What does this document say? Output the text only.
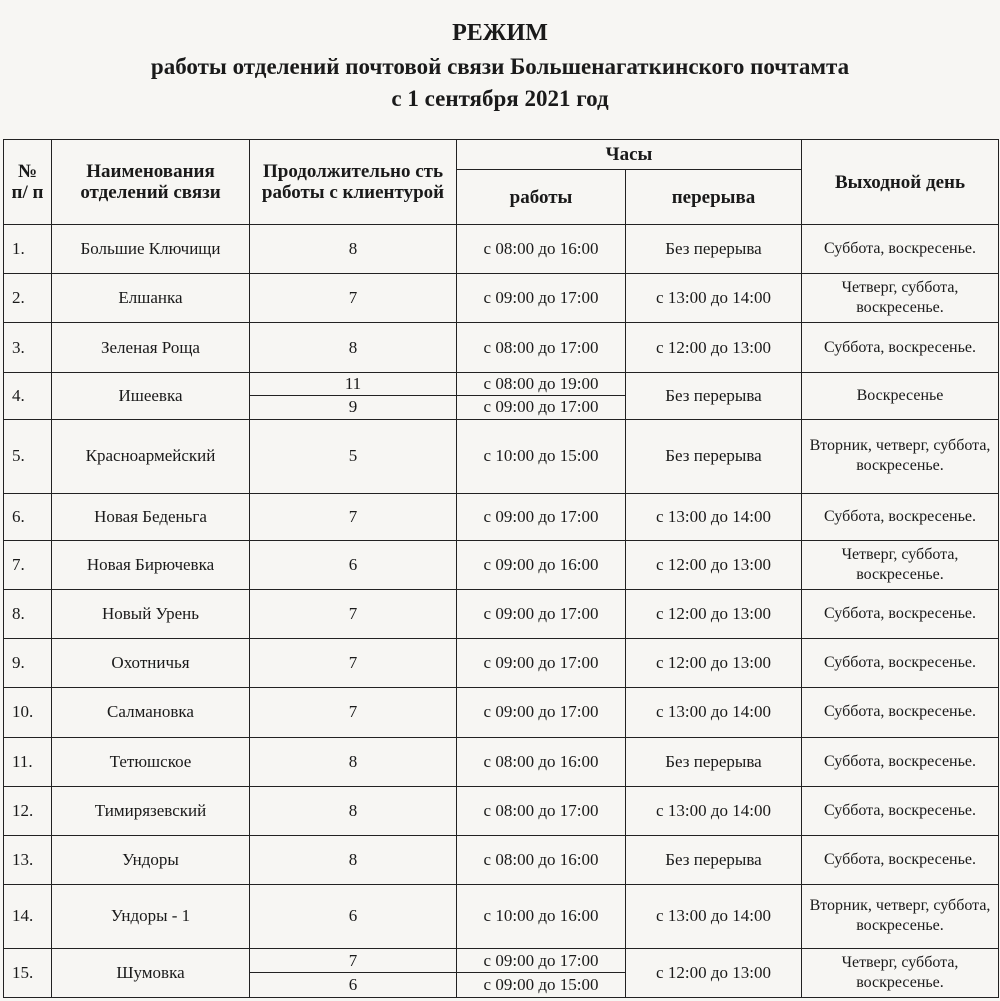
РЕЖИМ
работы отделений почтовой связи Большенагаткинского почтамта
с 1 сентября 2021 год
№ п/ п	Наименования отделений связи	Продолжительно сть работы с клиентурой	Часы		Выходной день
			работы	перерыва	
1.	Большие Ключищи	8	с 08:00 до 16:00	Без перерыва	Суббота, воскресенье.
2.	Елшанка	7	с 09:00 до 17:00	с 13:00 до 14:00	Четверг, суббота, воскресенье.
3.	Зеленая Роща	8	с 08:00 до 17:00	с 12:00 до 13:00	Суббота, воскресенье.
4.	Ишеевка	11	с 08:00 до 19:00	Без перерыва	Воскресенье
		9	с 09:00 до 17:00		
5.	Красноармейский	5	с 10:00 до 15:00	Без перерыва	Вторник, четверг, суббота, воскресенье.
6.	Новая Беденьга	7	с 09:00 до 17:00	с 13:00 до 14:00	Суббота, воскресенье.
7.	Новая Бирючевка	6	с 09:00 до 16:00	с 12:00 до 13:00	Четверг, суббота, воскресенье.
8.	Новый Урень	7	с 09:00 до 17:00	с 12:00 до 13:00	Суббота, воскресенье.
9.	Охотничья	7	с 09:00 до 17:00	с 12:00 до 13:00	Суббота, воскресенье.
10.	Салмановка	7	с 09:00 до 17:00	с 13:00 до 14:00	Суббота, воскресенье.
11.	Тетюшское	8	с 08:00 до 16:00	Без перерыва	Суббота, воскресенье.
12.	Тимирязевский	8	с 08:00 до 17:00	с 13:00 до 14:00	Суббота, воскресенье.
13.	Ундоры	8	с 08:00 до 16:00	Без перерыва	Суббота, воскресенье.
14.	Ундоры - 1	6	с 10:00 до 16:00	с 13:00 до 14:00	Вторник, четверг, суббота, воскресенье.
15.	Шумовка	7	с 09:00 до 17:00	с 12:00 до 13:00	Четверг, суббота, воскресенье.
		6	с 09:00 до 15:00		
